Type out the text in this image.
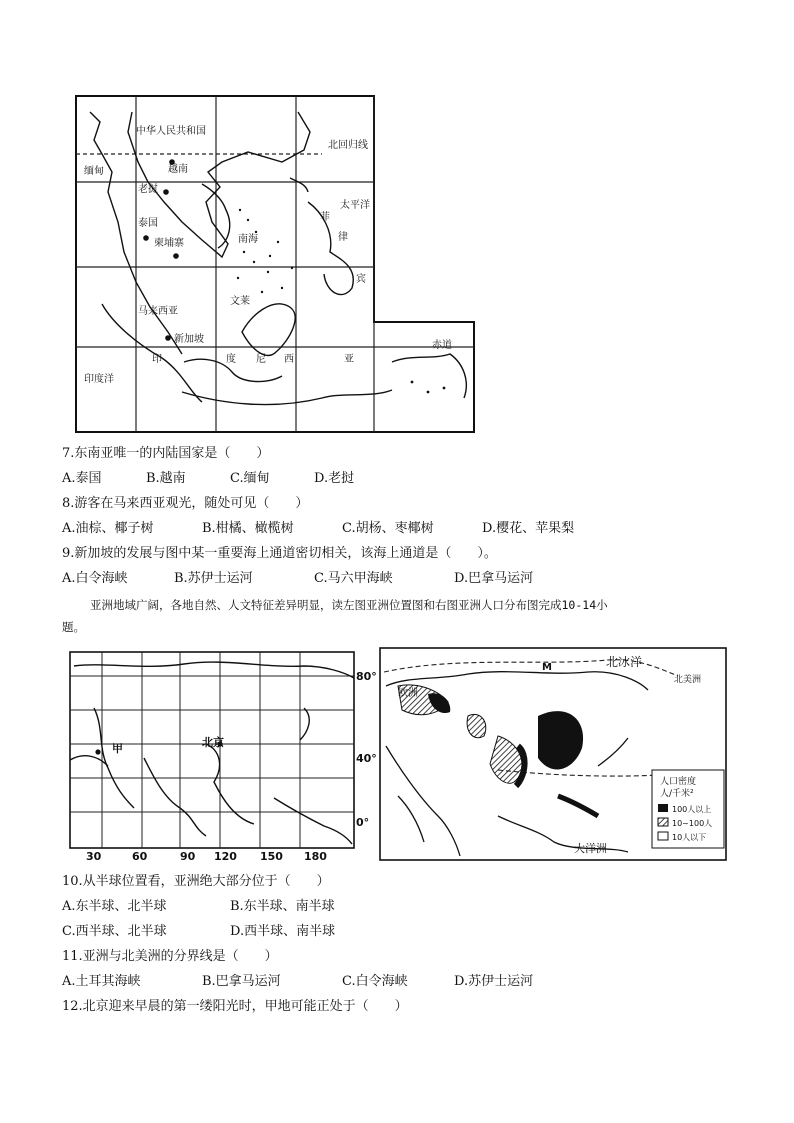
中华人民共和国
北回归线
缅甸	越南
老挝
泰国
柬埔寨	南海
太平洋
菲
律
宾
马来西亚
文莱
新加坡
赤道
印	度 尼 西	亚
印度洋
7.东南亚唯一的内陆国家是（　　）
A.泰国	B.越南	C.缅甸	D.老挝
8.游客在马来西亚观光，随处可见（　　）
A.油棕、椰子树	B.柑橘、橄榄树	C.胡杨、枣椰树	D.樱花、苹果梨
9.新加坡的发展与图中某一重要海上通道密切相关，该海上通道是（　　）。
A.白令海峡	B.苏伊士运河	C.马六甲海峡	D.巴拿马运河
亚洲地域广阔，各地自然、人文特征差异明显，读左图亚洲位置图和右图亚洲人口分布图完成10-14小
题。
甲	北京
80°
40°
0°
30	60	90 120 150 180
欧洲
北冰洋
北美洲
M
大洋洲
人口密度
人/千米²
100人以上
10~100人
10人以下
10.从半球位置看，亚洲绝大部分位于（　　）
A.东半球、北半球	B.东半球、南半球
C.西半球、北半球	D.西半球、南半球
11.亚洲与北美洲的分界线是（　　）
A.土耳其海峡	B.巴拿马运河	C.白令海峡	D.苏伊士运河
12.北京迎来早晨的第一缕阳光时，甲地可能正处于（　　）
